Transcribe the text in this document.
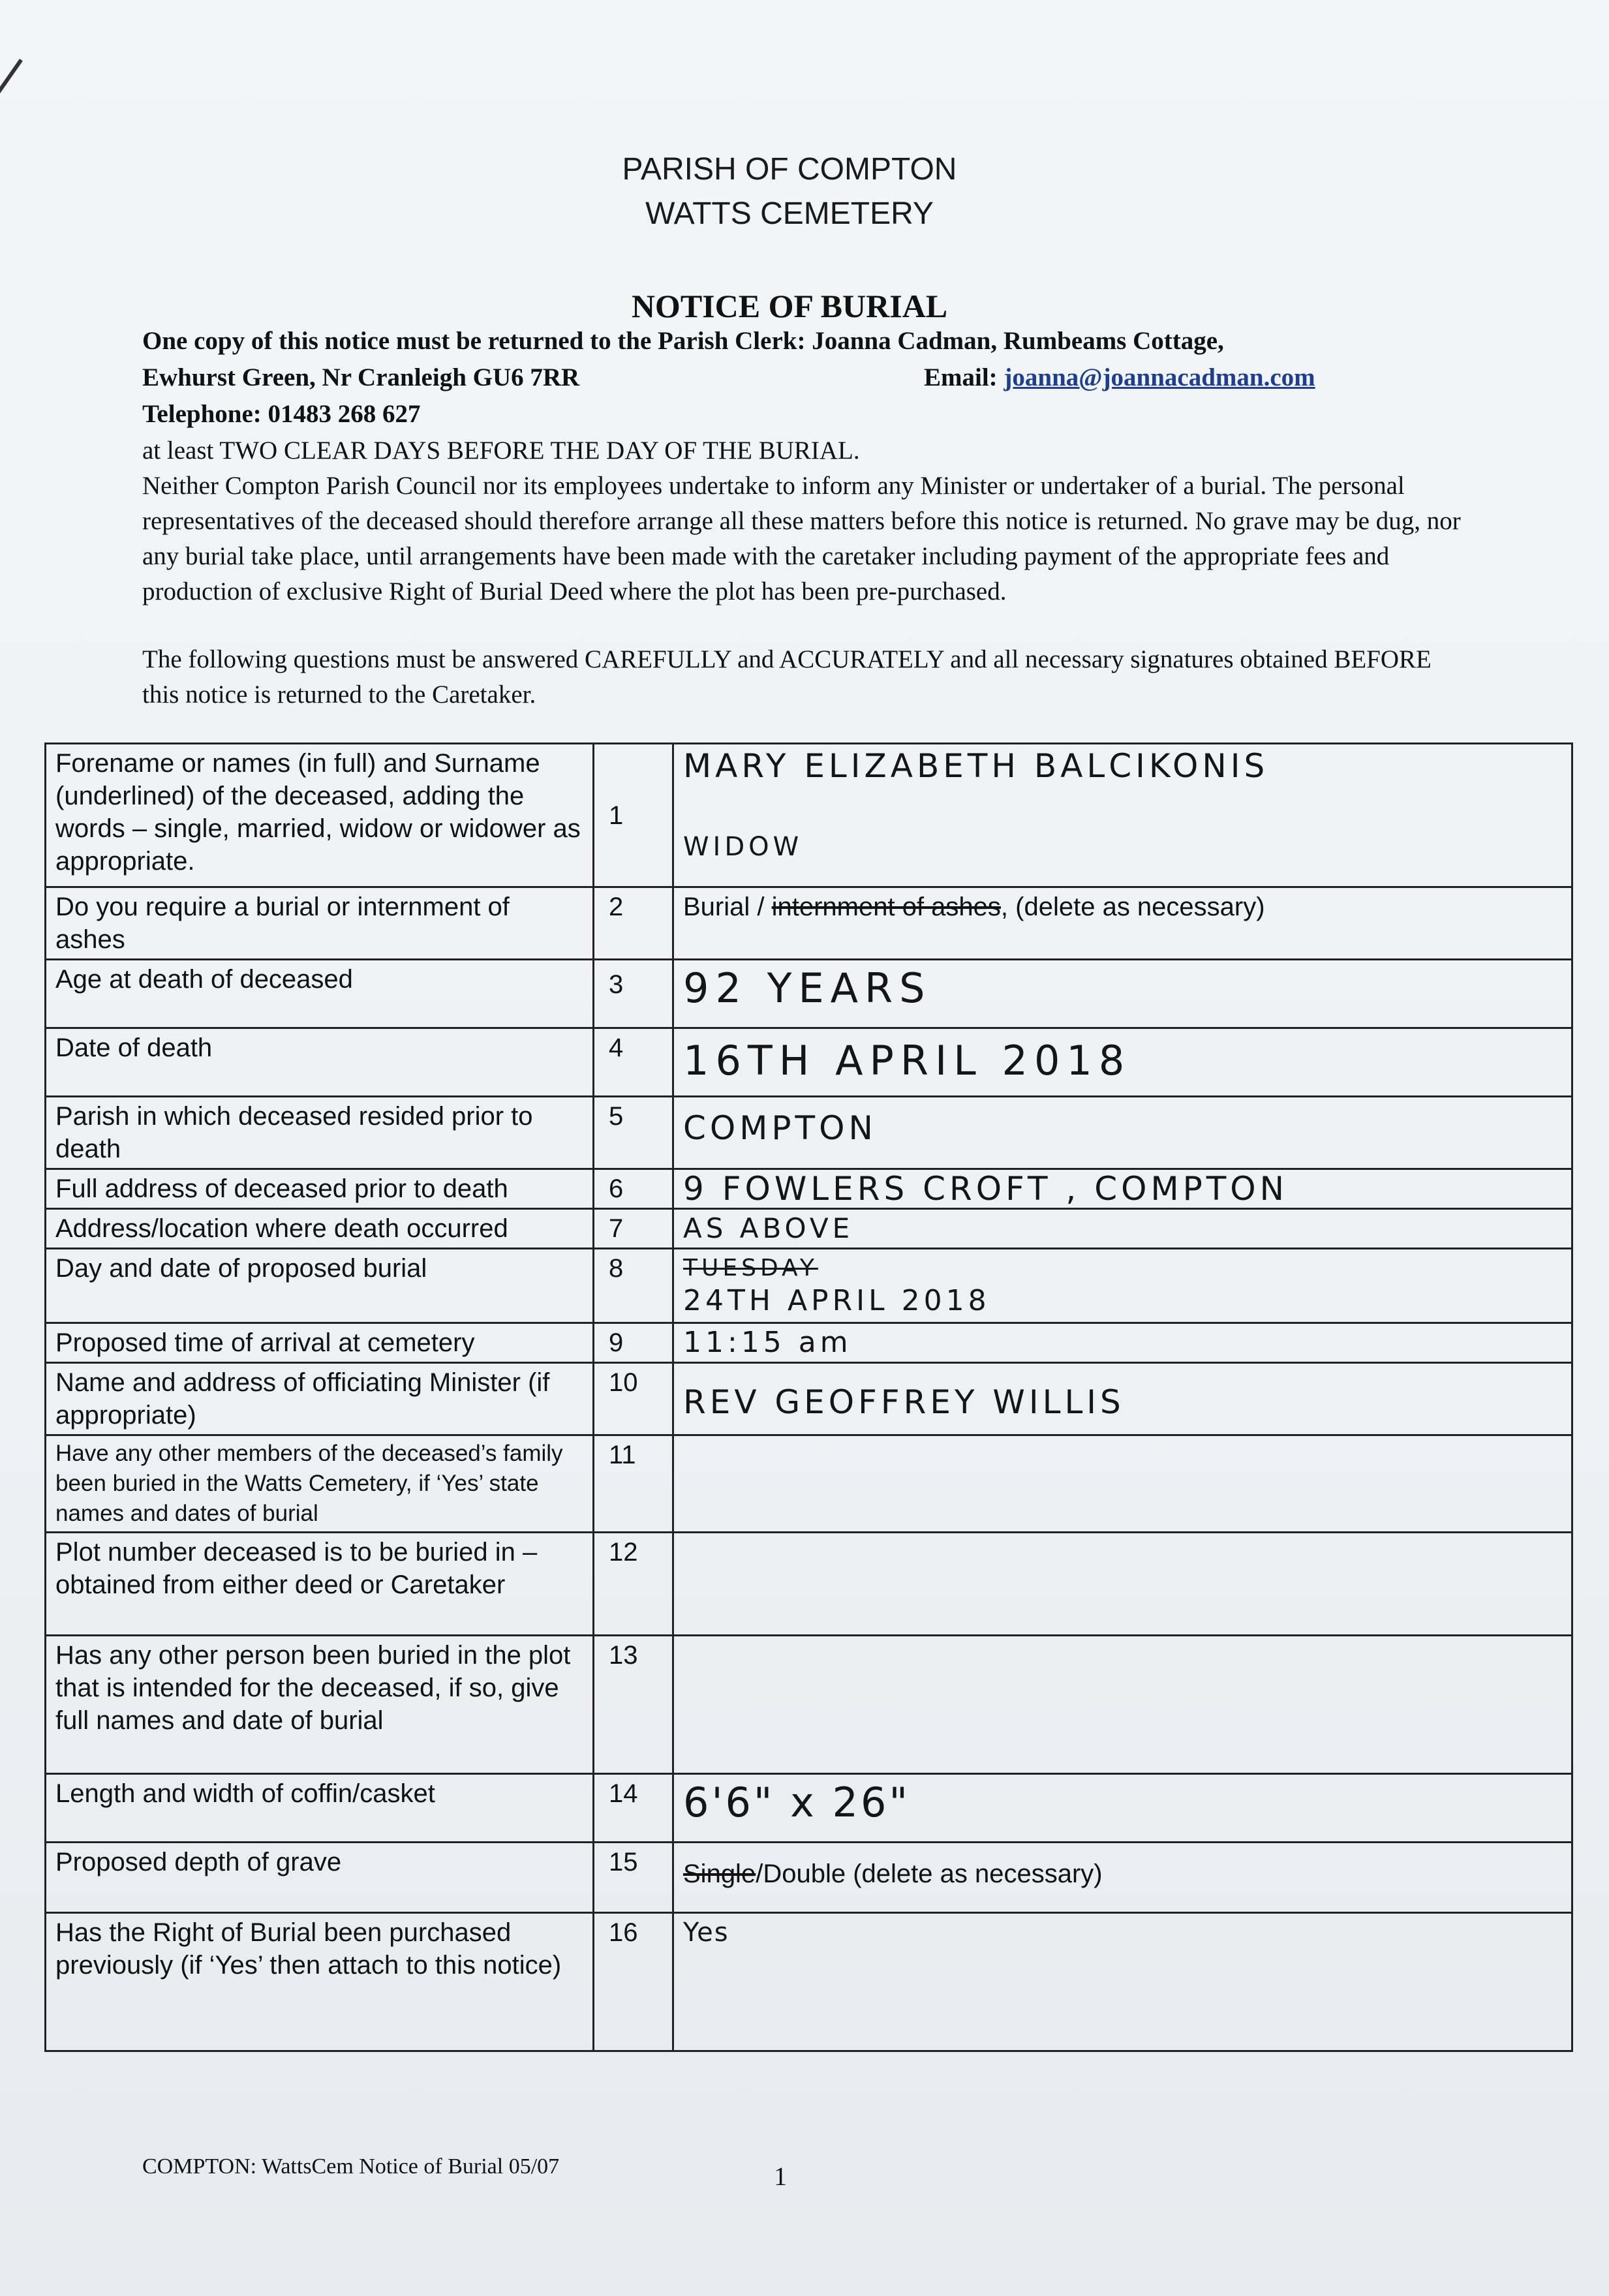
PARISH OF COMPTON
WATTS CEMETERY
NOTICE OF BURIAL
One copy of this notice must be returned to the Parish Clerk: Joanna Cadman, Rumbeams Cottage,
Ewhurst Green, Nr Cranleigh GU6 7RR	Email: joanna@joannacadman.com
Telephone: 01483 268 627
at least TWO CLEAR DAYS BEFORE THE DAY OF THE BURIAL.
Neither Compton Parish Council nor its employees undertake to inform any Minister or undertaker of a burial. The personal representatives of the deceased should therefore arrange all these matters before this notice is returned. No grave may be dug, nor any burial take place, until arrangements have been made with the caretaker including payment of the appropriate fees and production of exclusive Right of Burial Deed where the plot has been pre-purchased.
The following questions must be answered CAREFULLY and ACCURATELY and all necessary signatures obtained BEFORE this notice is returned to the Caretaker.
Forename or names (in full) and Surname (underlined) of the deceased, adding the words – single, married, widow or widower as appropriate.	1	MARY ELIZABETH BALCIKONIS
WIDOW

Do you require a burial or internment of ashes	2	Burial / internment of ashes, (delete as necessary)
Age at death of deceased	3	92 YEARS

Date of death	4	16TH APRIL 2018

Parish in which deceased resided prior to death	5	COMPTON

Full address of deceased prior to death	6	9 FOWLERS CROFT , COMPTON

Address/location where death occurred	7	AS ABOVE

Day and date of proposed burial	8	TUESDAY
24TH APRIL 2018

Proposed time of arrival at cemetery	9	11:15 am

Name and address of officiating Minister (if appropriate)	10	REV GEOFFREY WILLIS

Have any other members of the deceased’s family been buried in the Watts Cemetery, if ‘Yes’ state names and dates of burial	11	

Plot number deceased is to be buried in – obtained from either deed or Caretaker	12	

Has any other person been buried in the plot that is intended for the deceased, if so, give full names and date of burial	13	

Length and width of coffin/casket	14	6'6" x 26"

Proposed depth of grave	15	Single/Double (delete as necessary)
Has the Right of Burial been purchased previously (if ‘Yes’ then attach to this notice)	16	Yes
COMPTON: WattsCem Notice of Burial 05/07	1
